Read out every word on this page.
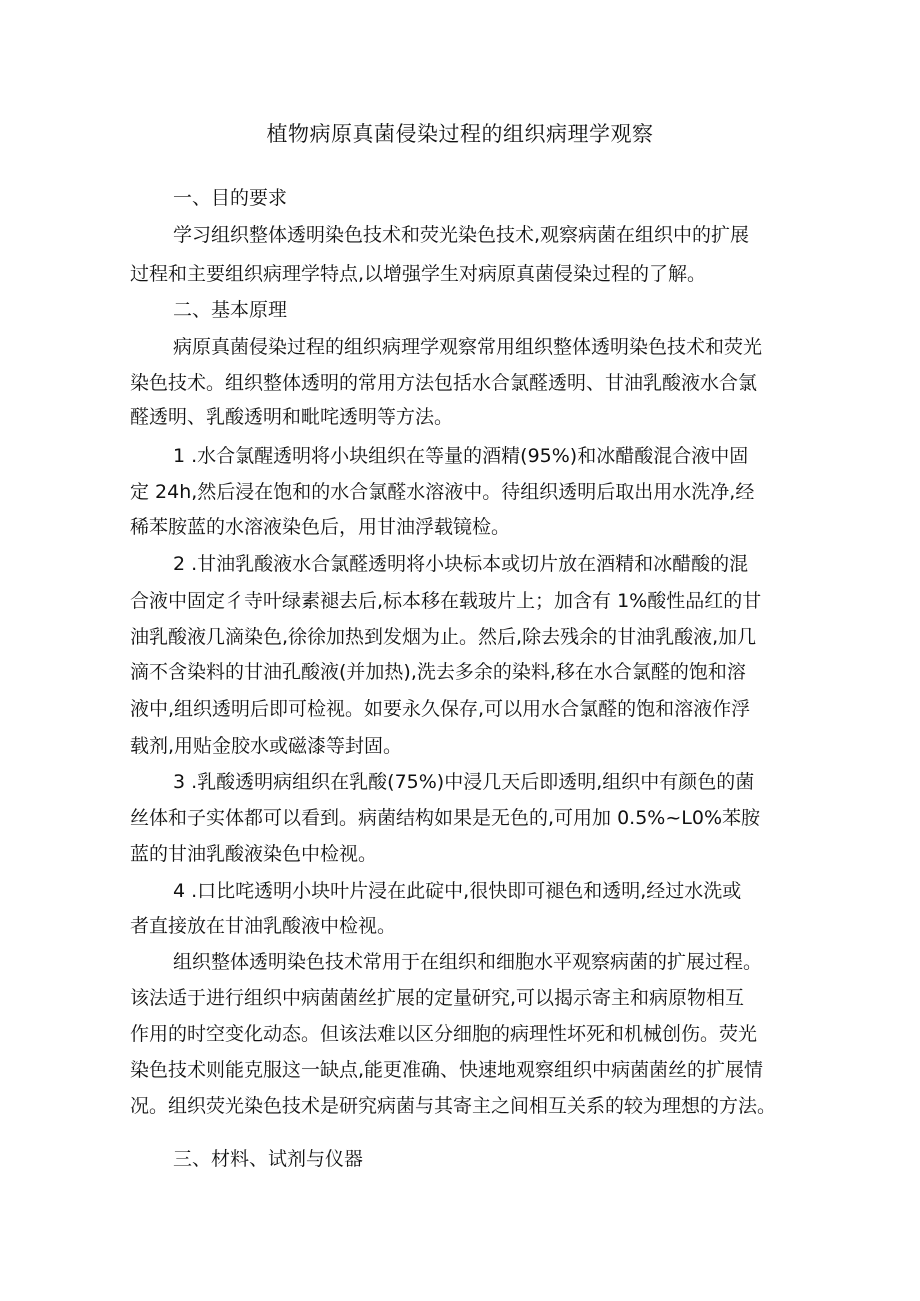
植物病原真菌侵染过程的组织病理学观察

一、目的要求

学习组织整体透明染色技术和荧光染色技术,观察病菌在组织中的扩展

过程和主要组织病理学特点,以增强学生对病原真菌侵染过程的了解。

二、基本原理

病原真菌侵染过程的组织病理学观察常用组织整体透明染色技术和荧光

染色技术。组织整体透明的常用方法包括水合氯醛透明、甘油乳酸液水合氯

醛透明、乳酸透明和毗咤透明等方法。

1 .水合氯醒透明将小块组织在等量的酒精(95%)和冰醋酸混合液中固

定 24h,然后浸在饱和的水合氯醛水溶液中。待组织透明后取出用水洗净,经

稀苯胺蓝的水溶液染色后，用甘油浮载镜检。

2 .甘油乳酸液水合氯醛透明将小块标本或切片放在酒精和冰醋酸的混

合液中固定彳寺叶绿素褪去后,标本移在载玻片上；加含有 1%酸性品红的甘

油乳酸液几滴染色,徐徐加热到发烟为止。然后,除去残余的甘油乳酸液,加几

滴不含染料的甘油孔酸液(并加热),洗去多余的染料,移在水合氯醛的饱和溶

液中,组织透明后即可检视。如要永久保存,可以用水合氯醛的饱和溶液作浮

载剂,用贴金胶水或磁漆等封固。

3 .乳酸透明病组织在乳酸(75%)中浸几天后即透明,组织中有颜色的菌

丝体和子实体都可以看到。病菌结构如果是无色的,可用加 0.5%~L0%苯胺

蓝的甘油乳酸液染色中检视。

4 .口比咤透明小块叶片浸在此碇中,很快即可褪色和透明,经过水洗或

者直接放在甘油乳酸液中检视。

组织整体透明染色技术常用于在组织和细胞水平观察病菌的扩展过程。

该法适于进行组织中病菌菌丝扩展的定量研究,可以揭示寄主和病原物相互

作用的时空变化动态。但该法难以区分细胞的病理性坏死和机械创伤。荧光

染色技术则能克服这一缺点,能更准确、快速地观察组织中病菌菌丝的扩展情

况。组织荧光染色技术是研究病菌与其寄主之间相互关系的较为理想的方法。

三、材料、试剂与仪器
